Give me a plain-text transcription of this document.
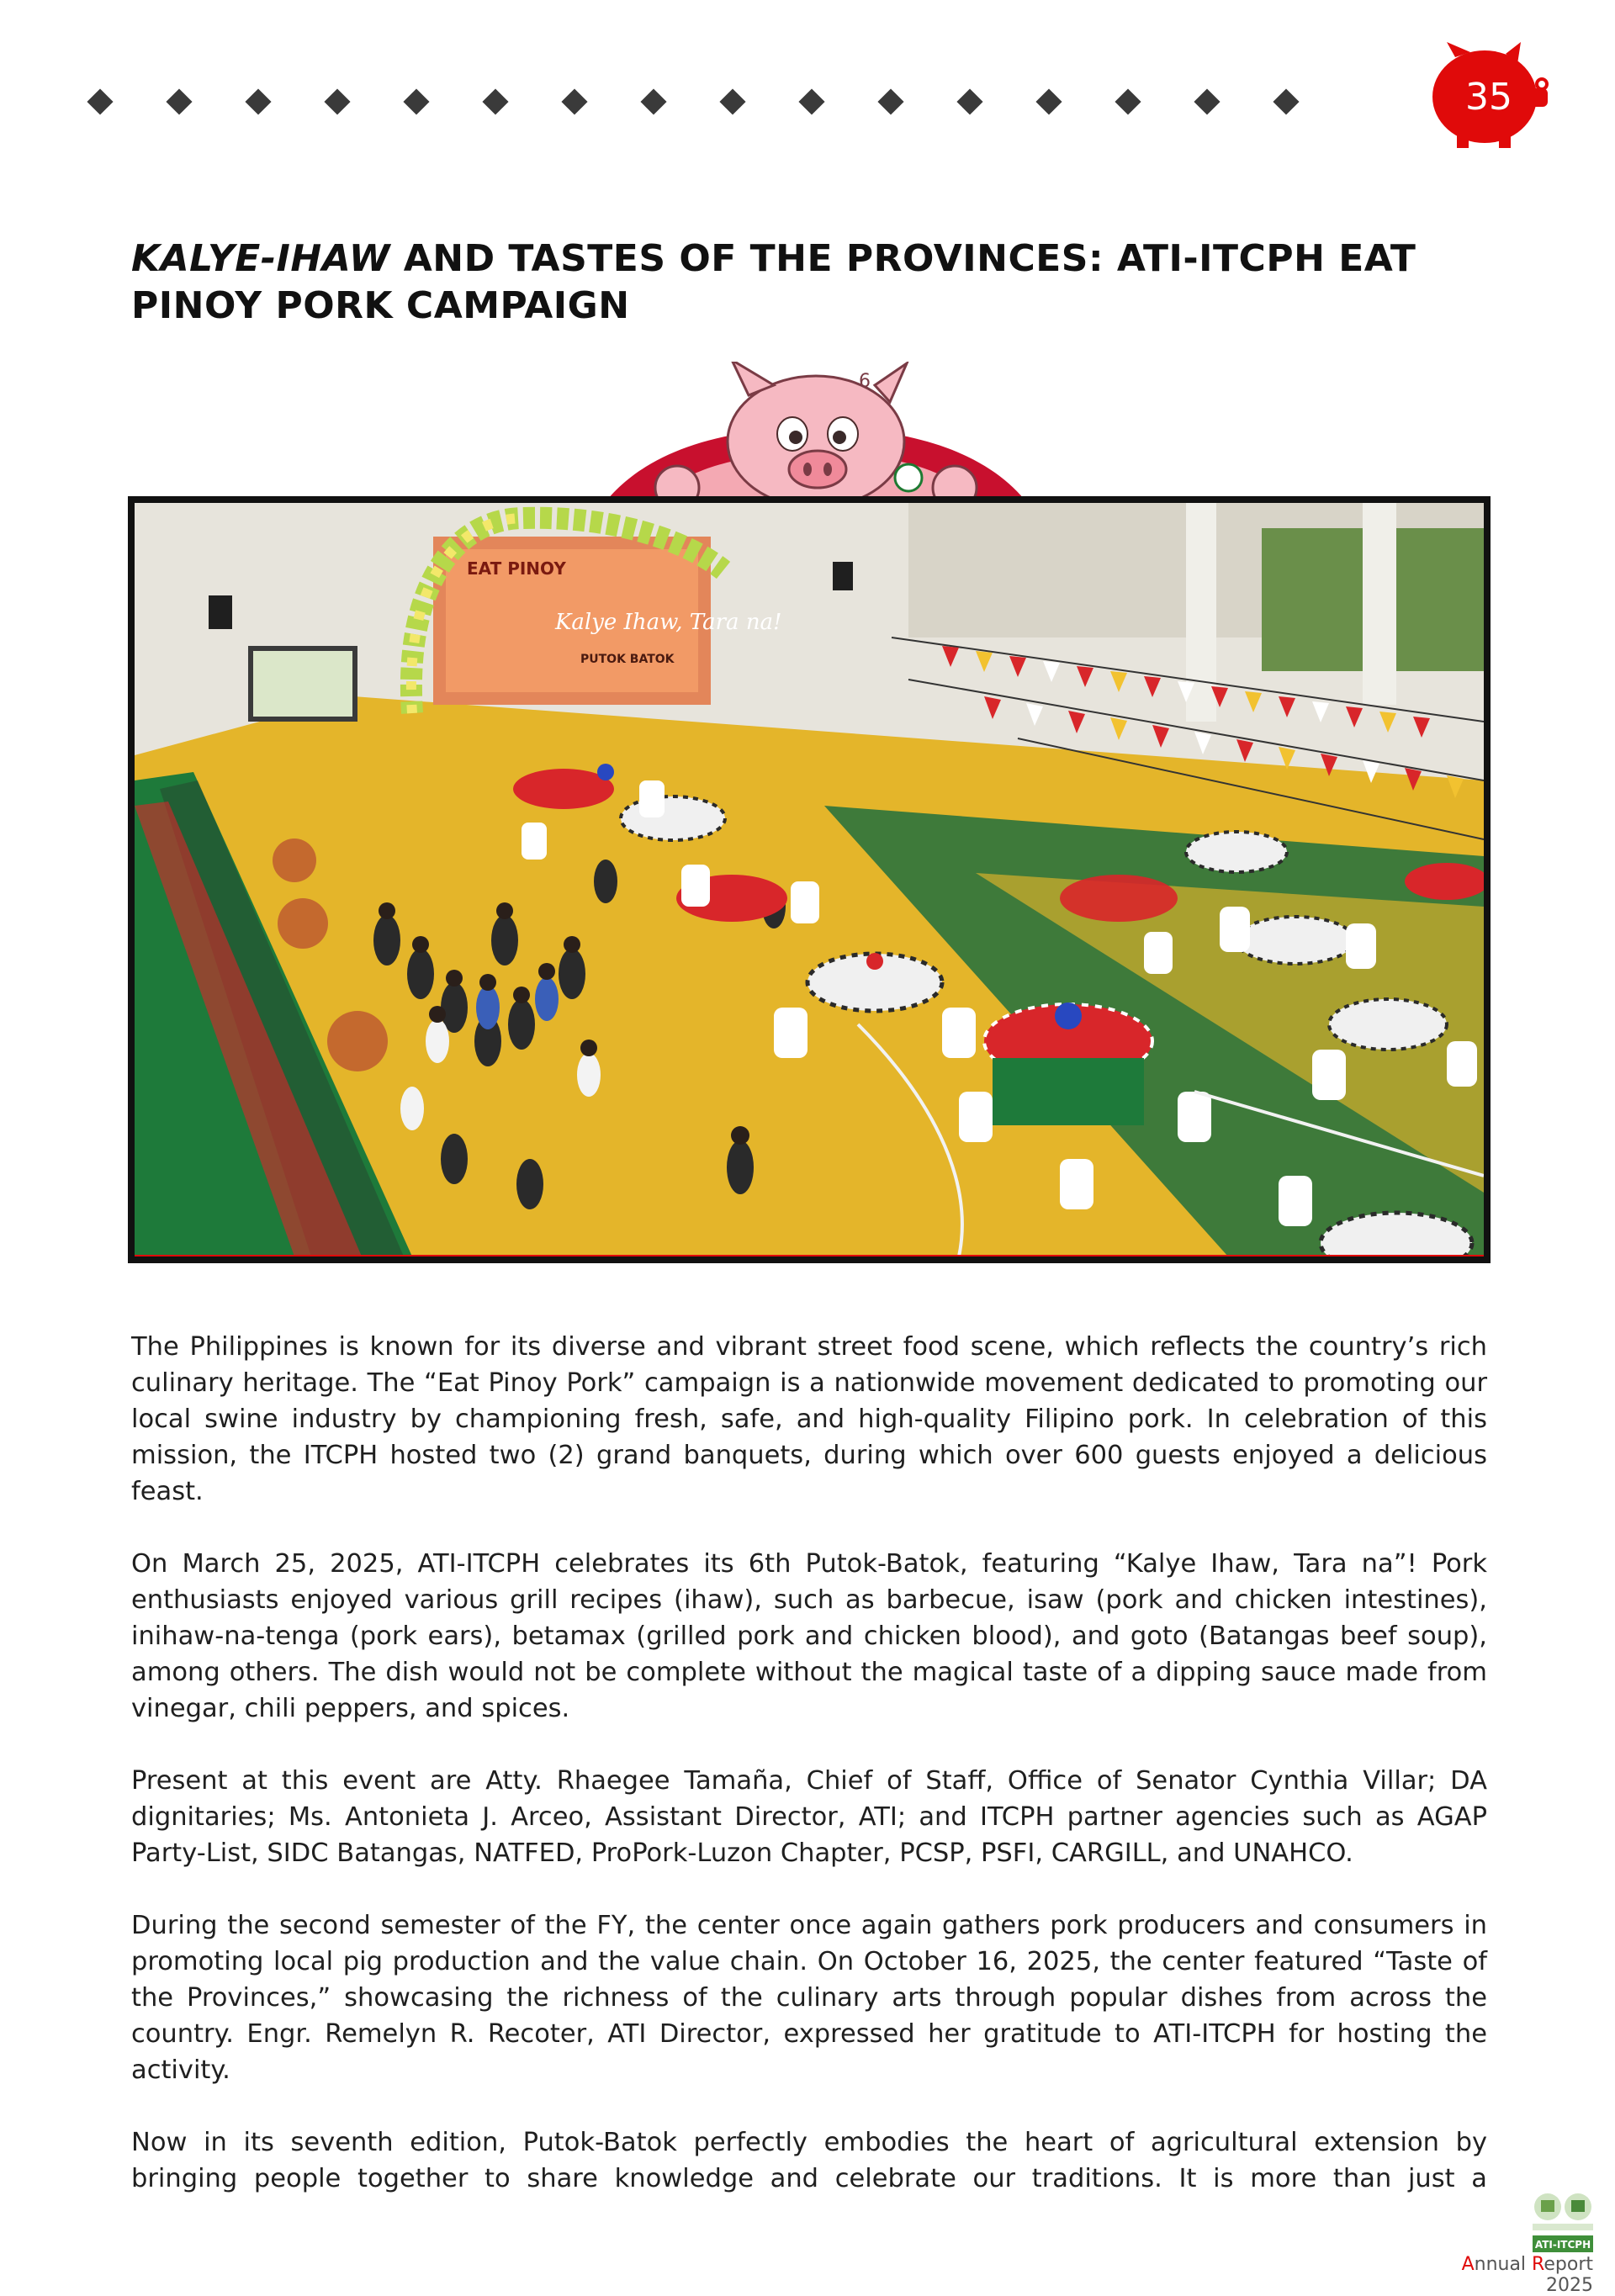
35
KALYE-IHAW AND TASTES OF THE PROVINCES: ATI-ITCPH EAT PINOY PORK CAMPAIGN
6
EAT PINOY
Kalye Ihaw, Tara na!
PUTOK BATOK

The Philippines is known for its diverse and vibrant street food scene, which reflects the country’s rich culinary heritage. The “Eat Pinoy Pork” campaign is a nationwide movement dedicated to promoting our local swine industry by championing fresh, safe, and high-quality Filipino pork. In celebration of this mission, the ITCPH hosted two (2) grand banquets, during which over 600 guests enjoyed a delicious feast.

On March 25, 2025, ATI-ITCPH celebrates its 6th Putok-Batok, featuring “Kalye Ihaw, Tara na”! Pork enthusiasts enjoyed various grill recipes (ihaw), such as barbecue, isaw (pork and chicken intestines), inihaw-na-tenga (pork ears), betamax (grilled pork and chicken blood), and goto (Batangas beef soup), among others. The dish would not be complete without the magical taste of a dipping sauce made from vinegar, chili peppers, and spices.

Present at this event are Atty. Rhaegee Tamaña, Chief of Staff, Office of Senator Cynthia Villar; DA dignitaries; Ms. Antonieta J. Arceo, Assistant Director, ATI; and ITCPH partner agencies such as AGAP Party-List, SIDC Batangas, NATFED, ProPork-Luzon Chapter, PCSP, PSFI, CARGILL, and UNAHCO.

During the second semester of the FY, the center once again gathers pork producers and consumers in promoting local pig production and the value chain. On October 16, 2025, the center featured “Taste of the Provinces,” showcasing the richness of the culinary arts through popular dishes from across the country. Engr. Remelyn R. Recoter, ATI Director, expressed her gratitude to ATI-ITCPH for hosting the activity.

Now in its seventh edition, Putok-Batok perfectly embodies the heart of agricultural extension by bringing people together to share knowledge and celebrate our traditions. It is more than just a

ATI-ITCPH
Annual Report 2025
